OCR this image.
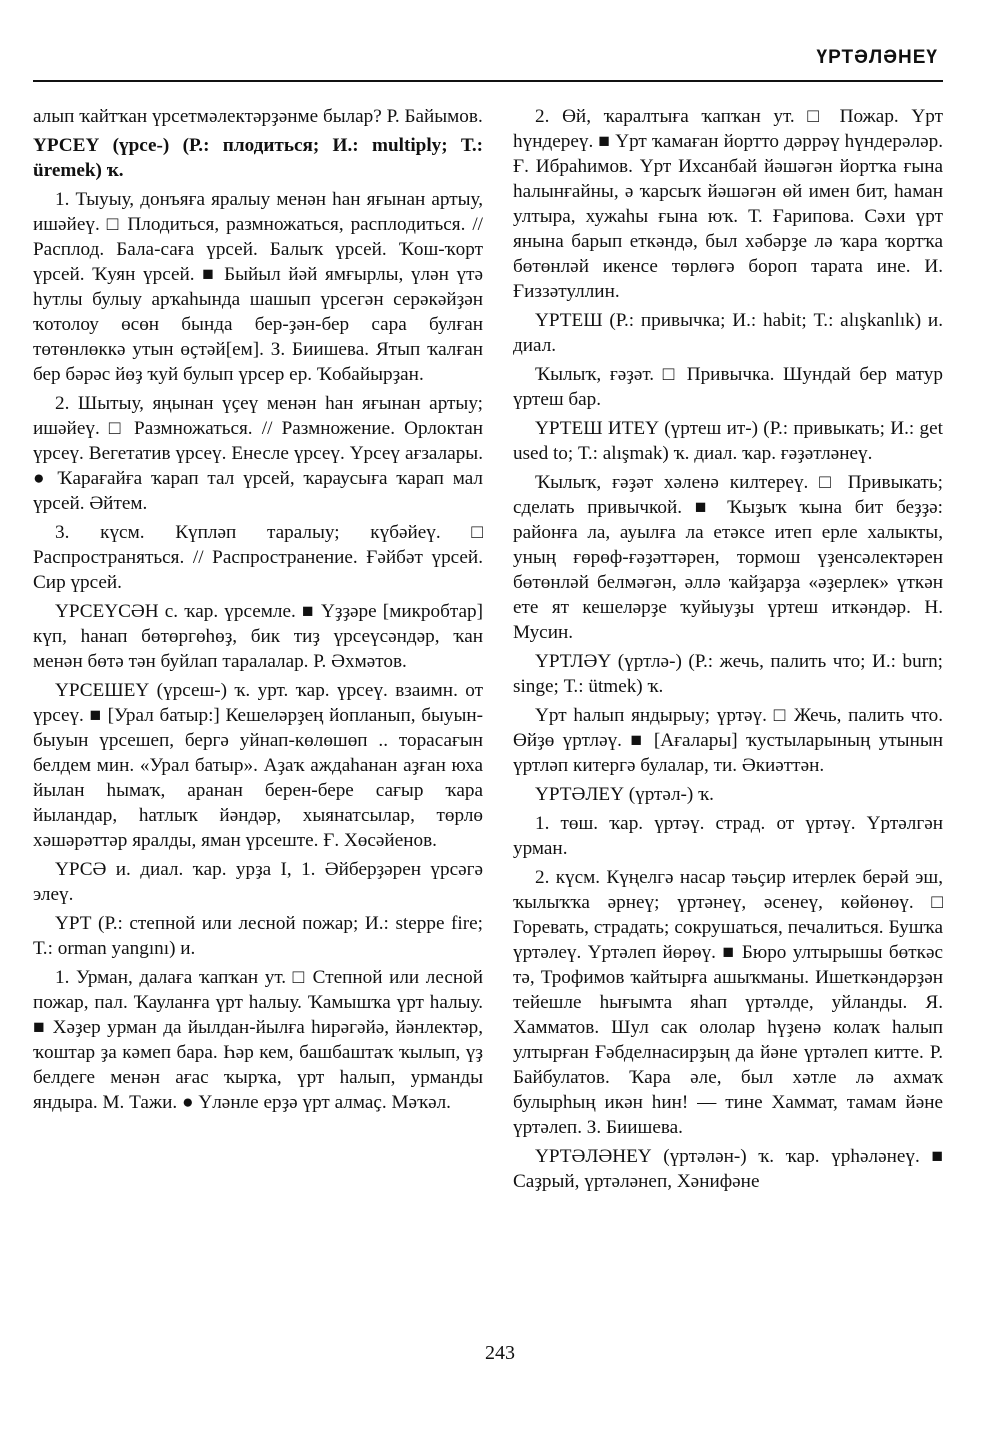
ҮРТӘЛӘНЕҮ

алып ҡайтҡан үрсетмәлектәрҙәнме былар? Р. Байымов.

ҮРСЕҮ (үрсе-) (Р.: плодиться; И.: multiply; Т.: üremek) ҡ.

1. Тыуыу, донъяға яралыу менән һан яғынан артыу, ишәйеү. □ Плодиться, размножаться, расплодиться. // Расплод. Бала-саға үрсей. Балыҡ үрсей. Ҡош-ҡорт үрсей. Ҡуян үрсей. ■ Быйыл йәй ямғырлы, үлән үтә һутлы булыу арҡаһында шашып үрсегән серәкәйҙән ҡотолоу өсөн бында бер-ҙән-бер сара булған төтөнлөккә утын өҫтәй[ем]. З. Биишева. Ятып ҡалған бер бәрәс йөҙ ҡуй булып үрсер ер. Ҡобайырҙан.

2. Шытыу, яңынан үҫеү менән һан яғынан артыу; ишәйеү. □ Размножаться. // Размножение. Орлоктан үрсеү. Вегетатив үрсеү. Енесле үрсеү. Үрсеү ағзалары. ● Ҡарағайға ҡарап тал үрсей, ҡараусыға ҡарап мал үрсей. Әйтем.

3. күсм. Күпләп таралыу; күбәйеү. □ Распространяться. // Распространение. Ғәйбәт үрсей. Сир үрсей.

ҮРСЕҮСӘН с. ҡар. үрсемле. ■ Үҙҙәре [микробтар] күп, һанап бөтөргөһөҙ, бик тиҙ үрсеүсәндәр, ҡан менән бөтә тән буйлап таралалар. Р. Әхмәтов.

ҮРСЕШЕҮ (үрсеш-) ҡ. урт. ҡар. үрсеү. взаимн. от үрсеү. ■ [Урал батыр:] Кешеләрҙең йопланып, быуын-быуын үрсешеп, бергә уйнап-көлөшөп .. торасағын белдем мин. «Урал батыр». Аҙаҡ аждаһанан аҙған юха йылан һымаҡ, аранан берен-бере сағыр ҡара йыландар, һатлыҡ йәндәр, хыянатсылар, төрлө хәшәрәттәр яралды, яман үрсеште. Ғ. Хөсәйенов.

ҮРСӘ и. диал. ҡар. урҙа I, 1. Әйберҙәрен үрсәгә элеү.

ҮРТ (Р.: степной или лесной пожар; И.: steppe fire; Т.: orman yangını) и.

1. Урман, далаға ҡапҡан ут. □ Степной или лесной пожар, пал. Ҡауланға үрт һалыу. Ҡамышҡа үрт һалыу. ■ Хәҙер урман да йылдан-йылға һирәгәйә, йәнлектәр, ҡоштар ҙа кәмеп бара. Һәр кем, башбаштаҡ ҡылып, үҙ белдеге менән ағас ҡырҡа, үрт һалып, урманды яндыра. М. Тажи. ● Үләнле ерҙә үрт алмаҫ. Мәҡәл.

2. Өй, ҡаралтыға ҡапҡан ут. □ Пожар. Үрт һүндереү. ■ Үрт ҡамаған йортто дәррәү һүндерәләр. Ғ. Ибраһимов. Үрт Ихсанбай йәшәгән йортҡа ғына һалынғайны, ә ҡарсыҡ йәшәгән өй имен бит, һаман ултыра, хужаһы ғына юҡ. Т. Ғарипова. Сәхи үрт янына барып еткәндә, был хәбәрҙе лә ҡара ҡортҡа бөтөнләй икенсе төрлөгә бороп тарата ине. И. Ғиззәтуллин.

ҮРТЕШ (Р.: привычка; И.: habit; Т.: alışkanlık) и. диал.

Ҡылыҡ, ғәҙәт. □ Привычка. Шундай бер матур үртеш бар.

ҮРТЕШ ИТЕҮ (үртеш ит-) (Р.: привыкать; И.: get used to; Т.: alışmak) ҡ. диал. ҡар. ғәҙәтләнеү.

Ҡылыҡ, ғәҙәт хәленә килтереү. □ Привыкать; сделать привычкой. ■ Ҡыҙыҡ ҡына бит беҙҙә: районға ла, ауылға ла етәксе итеп ерле халыкты, уның ғөрөф-ғәҙәттәрен, тормош үҙенсәлектәрен бөтөнләй белмәгән, әллә ҡайҙарҙа «әҙерлек» үткән ете ят кешеләрҙе ҡуйыуҙы үртеш иткәндәр. Н. Мусин.

ҮРТЛӘҮ (үртлә-) (Р.: жечь, палить что; И.: burn; singe; Т.: ütmek) ҡ.

Үрт һалып яндырыу; үртәү. □ Жечь, палить что. Өйҙө үртләү. ■ [Ағалары] ҡустыларының утынын үртләп китергә булалар, ти. Әкиәттән.

ҮРТӘЛЕҮ (үртәл-) ҡ.

1. төш. ҡар. үртәү. страд. от үртәү. Үртәлгән урман.

2. күсм. Күңелгә насар тәьҫир итерлек берәй эш, ҡылыҡҡа әрнеү; үртәнеү, әсенеү, көйөнөү. □ Горевать, страдать; сокрушаться, печалиться. Бушҡа үртәлеү. Үртәлеп йөрөү. ■ Бюро ултырышы бөткәс тә, Трофимов ҡайтырға ашыҡманы. Ишеткәндәрҙән тейешле һығымта яһап үртәлде, уйланды. Я. Хамматов. Шул сак ололар һүҙенә колаҡ һалып ултырған Ғәбделнасирҙың да йәне үртәлеп китте. Р. Байбулатов. Ҡара әле, был хәтле лә ахмаҡ булырһың икән һин! — тине Хаммат, тамам йәне үртәлеп. З. Биишева.

ҮРТӘЛӘНЕҮ (үртәлән-) ҡ. ҡар. үрһәләнеү. ■ Саҙрый, үртәләнеп, Хәнифәне

243
